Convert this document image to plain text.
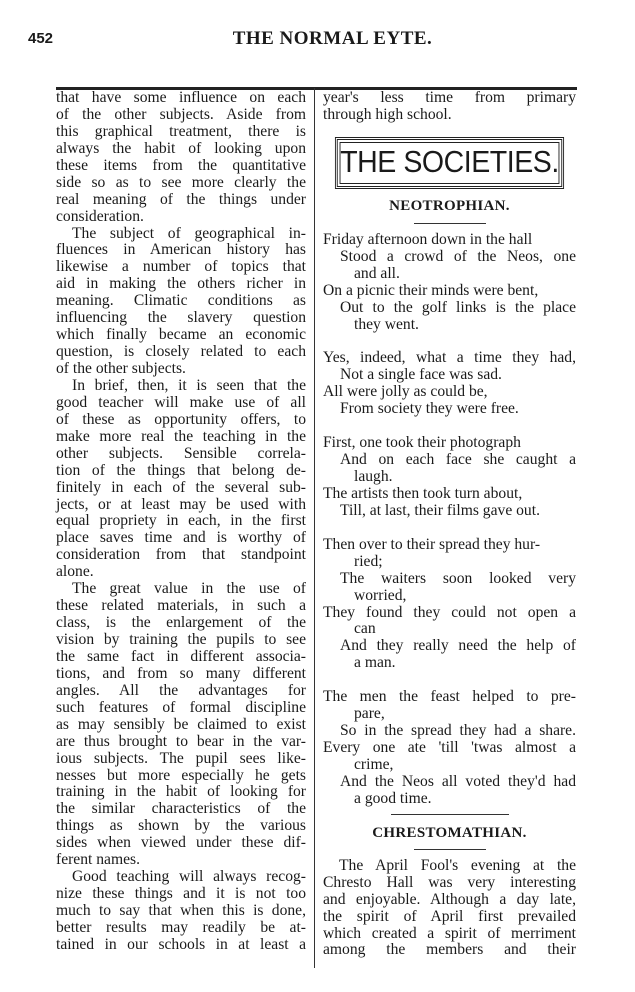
452	THE NORMAL EYTE.
that have some influence on each
of the other subjects. Aside from
this graphical treatment, there is
always the habit of looking upon
these items from the quantitative
side so as to see more clearly the
real meaning of the things under
consideration.
The subject of geographical in-
fluences in American history has
likewise a number of topics that
aid in making the others richer in
meaning. Climatic conditions as
influencing the slavery question
which finally became an economic
question, is closely related to each
of the other subjects.
In brief, then, it is seen that the
good teacher will make use of all
of these as opportunity offers, to
make more real the teaching in the
other subjects. Sensible correla-
tion of the things that belong de-
finitely in each of the several sub-
jects, or at least may be used with
equal propriety in each, in the first
place saves time and is worthy of
consideration from that standpoint
alone.
The great value in the use of
these related materials, in such a
class, is the enlargement of the
vision by training the pupils to see
the same fact in different associa-
tions, and from so many different
angles. All the advantages for
such features of formal discipline
as may sensibly be claimed to exist
are thus brought to bear in the var-
ious subjects. The pupil sees like-
nesses but more especially he gets
training in the habit of looking for
the similar characteristics of the
things as shown by the various
sides when viewed under these dif-
ferent names.
Good teaching will always recog-
nize these things and it is not too
much to say that when this is done,
better results may readily be at-
tained in our schools in at least a
year's less time from primary
through high school.
THE SOCIETIES.
NEOTROPHIAN.
Friday afternoon down in the hall
Stood a crowd of the Neos, one
and all.
On a picnic their minds were bent,
Out to the golf links is the place
they went.
Yes, indeed, what a time they had,
Not a single face was sad.
All were jolly as could be,
From society they were free.
First, one took their photograph
And on each face she caught a
laugh.
The artists then took turn about,
Till, at last, their films gave out.
Then over to their spread they hur-
ried;
The waiters soon looked very
worried,
They found they could not open a
can
And they really need the help of
a man.
The men the feast helped to pre-
pare,
So in the spread they had a share.
Every one ate 'till 'twas almost a
crime,
And the Neos all voted they'd had
a good time.
CHRESTOMATHIAN.
The April Fool's evening at the
Chresto Hall was very interesting
and enjoyable. Although a day late,
the spirit of April first prevailed
which created a spirit of merriment
among the members and their
